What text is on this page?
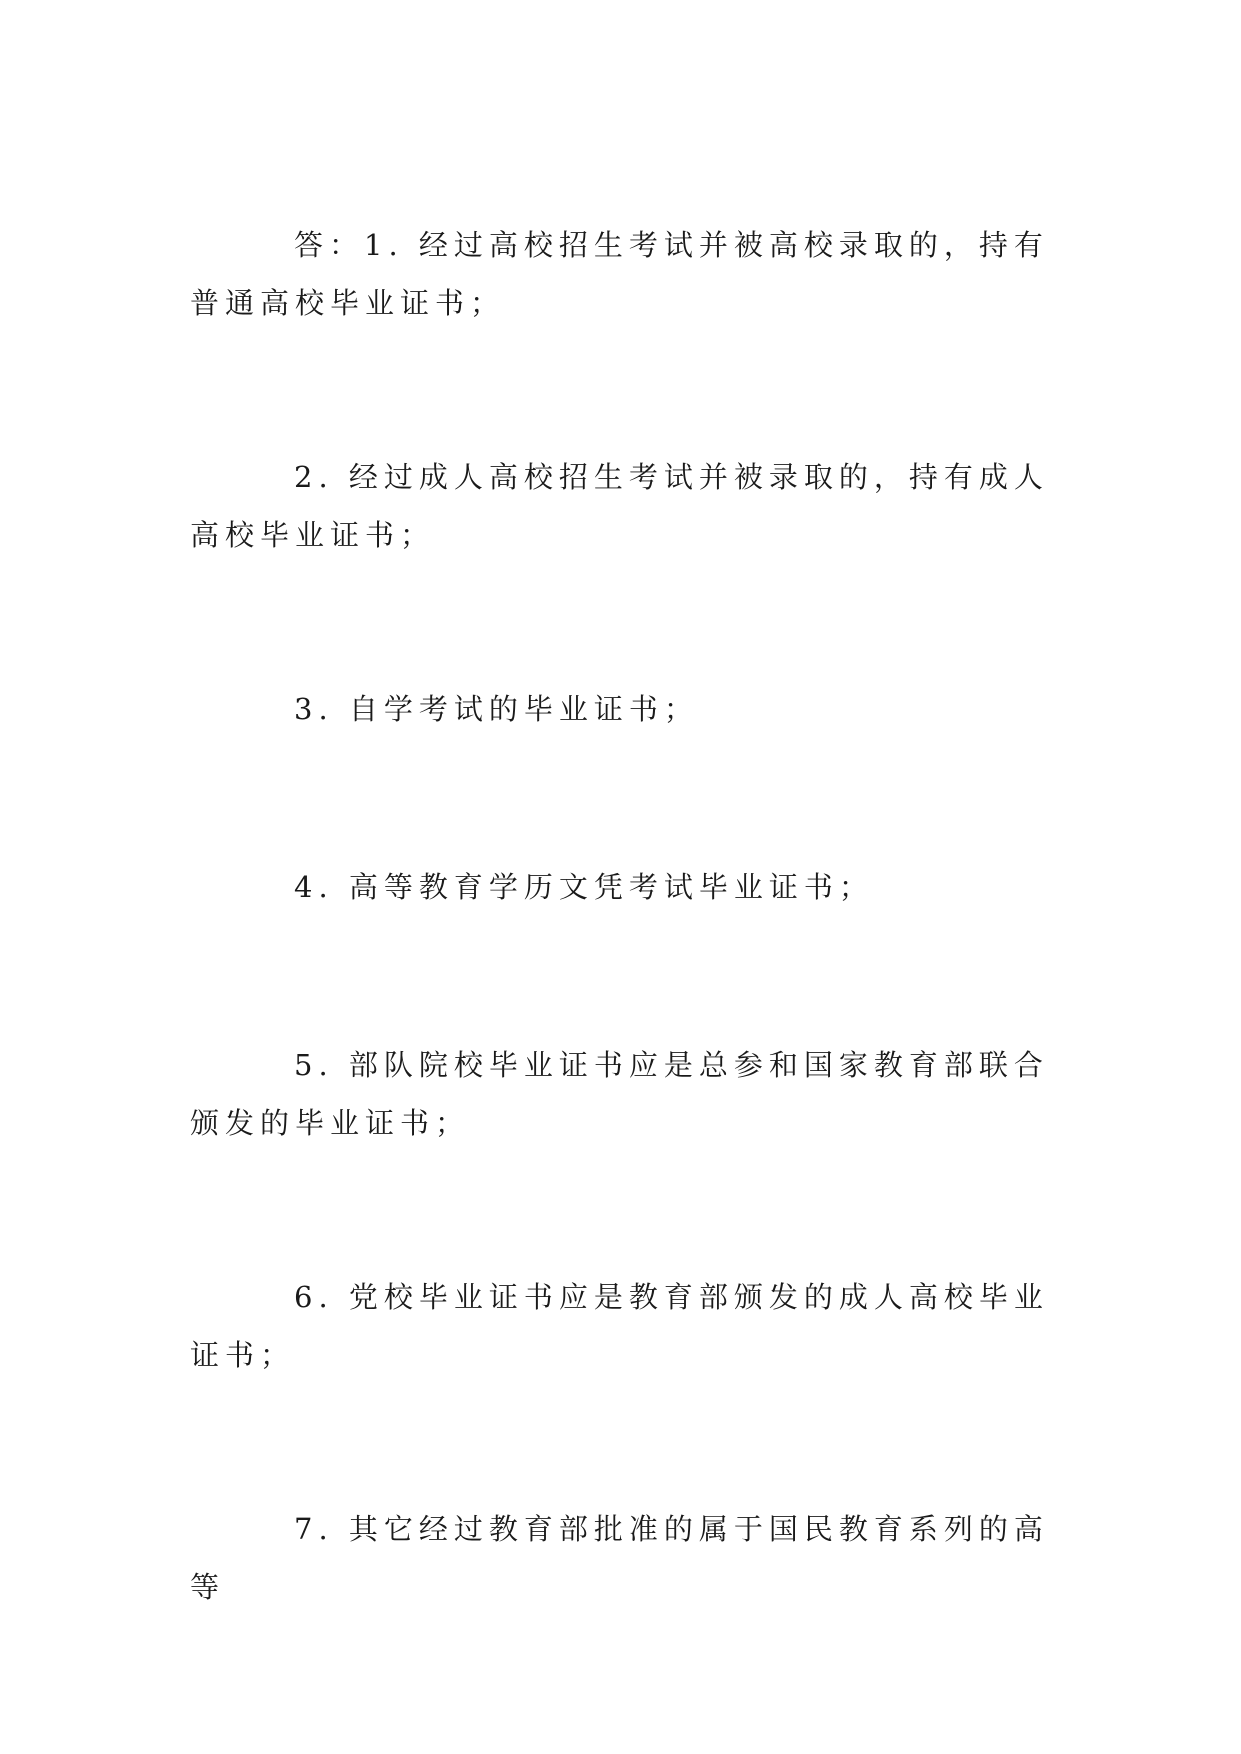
答：1. 经过高校招生考试并被高校录取的，持有普通高校毕业证书；

2. 经过成人高校招生考试并被录取的，持有成人高校毕业证书；

3. 自学考试的毕业证书；

4. 高等教育学历文凭考试毕业证书；

5. 部队院校毕业证书应是总参和国家教育部联合颁发的毕业证书；

6. 党校毕业证书应是教育部颁发的成人高校毕业证书；

7. 其它经过教育部批准的属于国民教育系列的高等
